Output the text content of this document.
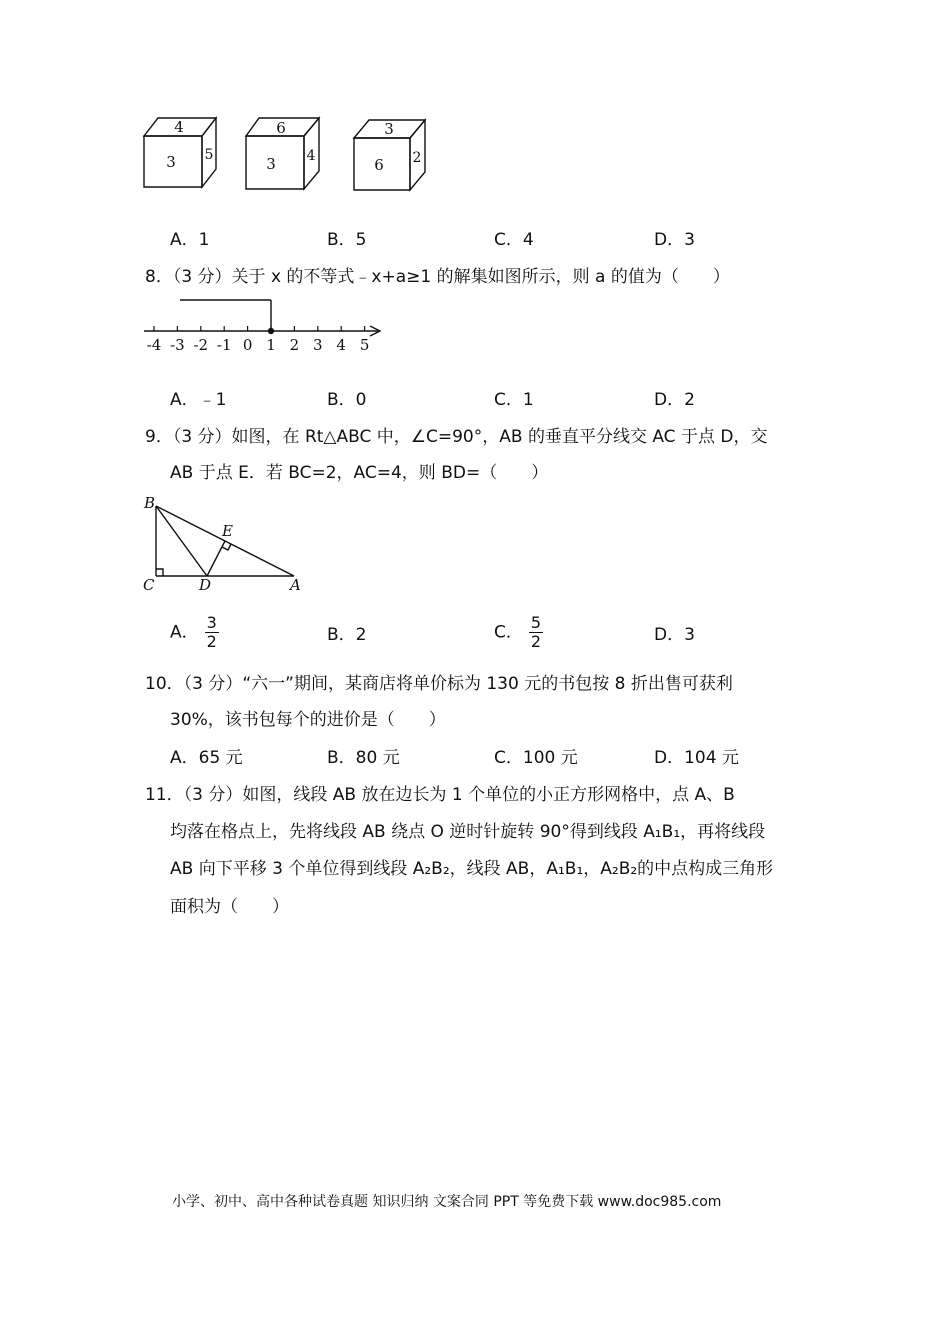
4
3 5
6
3 4
3
6 2
A．1	B．5	C．4	D．3
8．（3 分）关于 x 的不等式﹣x+a≥1 的解集如图所示，则 a 的值为（　　）
-4 -3 -2 -1 0 1 2 3 4 5
A．﹣1	B．0	C．1	D．2
9．（3 分）如图，在 Rt△ABC 中，∠C=90°，AB 的垂直平分线交 AC 于点 D，交
AB 于点 E．若 BC=2，AC=4，则 BD=（　　）
B
E
C	D	A
A． $\frac{3}{2}$	B．2	C． $\frac{5}{2}$	D．3
10．（3 分）“六一”期间，某商店将单价标为 130 元的书包按 8 折出售可获利
30%，该书包每个的进价是（　　）
A．65 元	B．80 元	C．100 元	D．104 元
11．（3 分）如图，线段 AB 放在边长为 1 个单位的小正方形网格中，点 A、B
均落在格点上，先将线段 AB 绕点 O 逆时针旋转 90°得到线段 A₁B₁，再将线段
AB 向下平移 3 个单位得到线段 A₂B₂，线段 AB，A₁B₁，A₂B₂的中点构成三角形
面积为（　　）
小学、初中、高中各种试卷真题 知识归纳 文案合同 PPT 等免费下载 www.doc985.com
